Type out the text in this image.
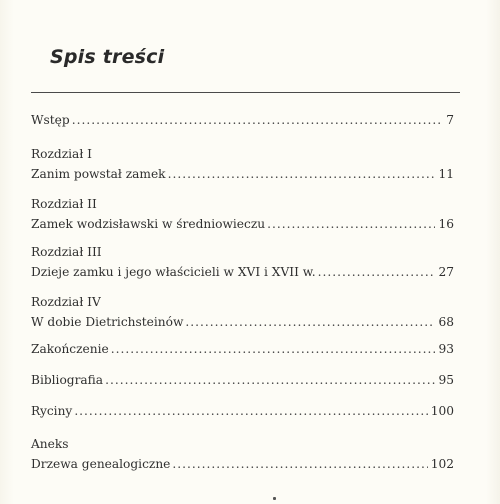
Spis treści
Wstęp .....	7
Rozdział I
Zanim powstał zamek .....	11
Rozdział II
Zamek wodzisławski w średniowieczu .....	16
Rozdział III
Dzieje zamku i jego właścicieli w XVI i XVII w. .....	27
Rozdział IV
W dobie Dietrichsteinów .....	68
Zakończenie .....	93
Bibliografia .....	95
Ryciny .....	100
Aneks
Drzewa genealogiczne .....	102
